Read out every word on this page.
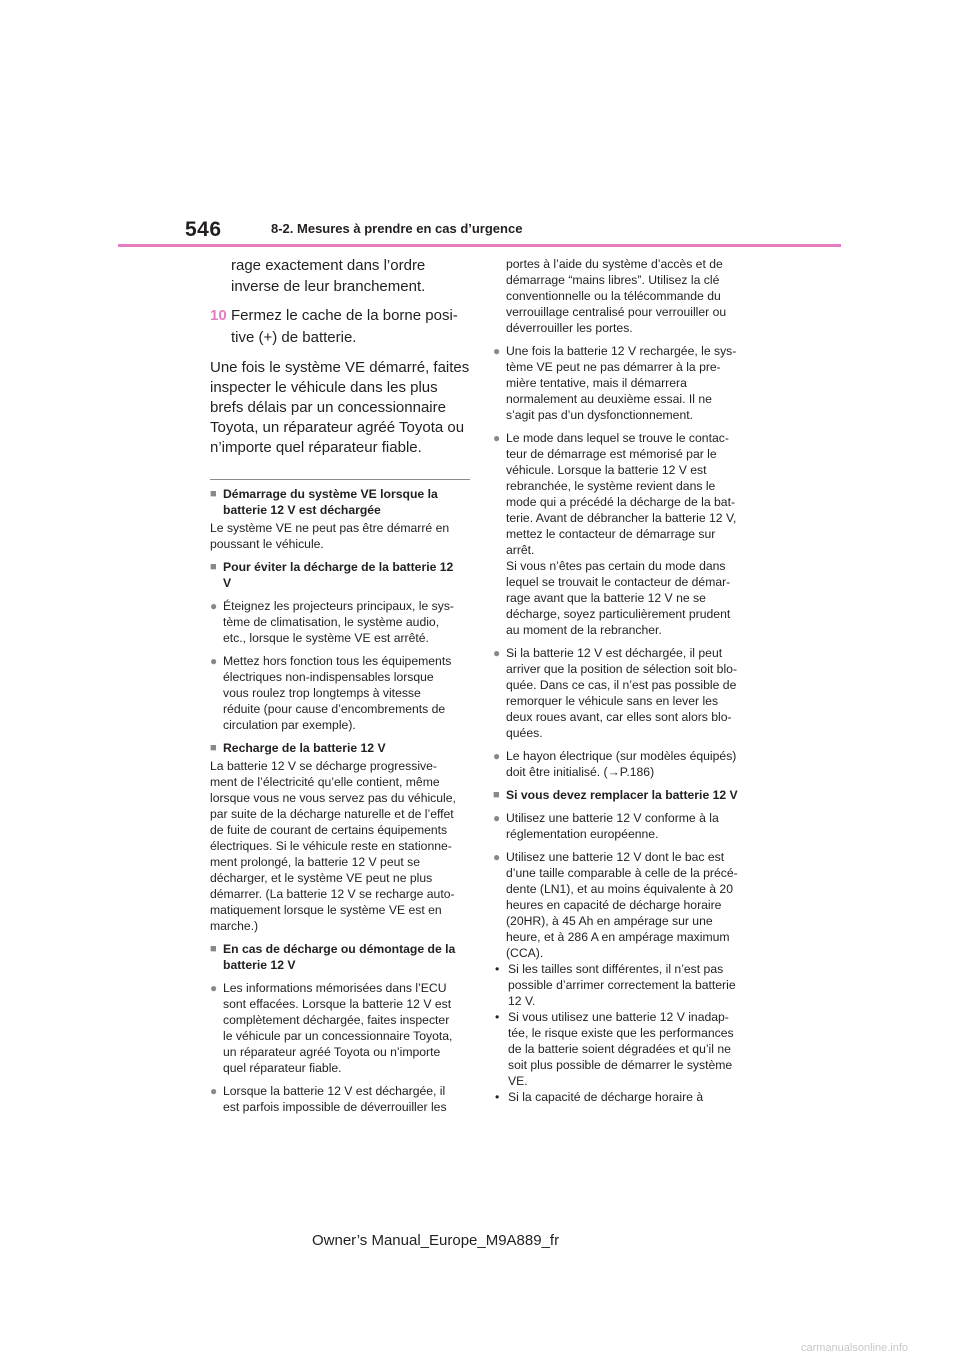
546	8-2. Mesures à prendre en cas d’urgence
rage exactement dans l’ordre
inverse de leur branchement.
10 Fermez le cache de la borne posi-
tive (+) de batterie.
Une fois le système VE démarré, faites
inspecter le véhicule dans les plus
brefs délais par un concessionnaire
Toyota, un réparateur agréé Toyota ou
n’importe quel réparateur fiable.
■ Démarrage du système VE lorsque la
batterie 12 V est déchargée
Le système VE ne peut pas être démarré en
poussant le véhicule.
■ Pour éviter la décharge de la batterie 12
V
● Éteignez les projecteurs principaux, le sys-
tème de climatisation, le système audio,
etc., lorsque le système VE est arrêté.
● Mettez hors fonction tous les équipements
électriques non-indispensables lorsque
vous roulez trop longtemps à vitesse
réduite (pour cause d’encombrements de
circulation par exemple).
■ Recharge de la batterie 12 V
La batterie 12 V se décharge progressive-
ment de l’électricité qu’elle contient, même
lorsque vous ne vous servez pas du véhicule,
par suite de la décharge naturelle et de l’effet
de fuite de courant de certains équipements
électriques. Si le véhicule reste en stationne-
ment prolongé, la batterie 12 V peut se
décharger, et le système VE peut ne plus
démarrer. (La batterie 12 V se recharge auto-
matiquement lorsque le système VE est en
marche.)
■ En cas de décharge ou démontage de la
batterie 12 V
● Les informations mémorisées dans l’ECU
sont effacées. Lorsque la batterie 12 V est
complètement déchargée, faites inspecter
le véhicule par un concessionnaire Toyota,
un réparateur agréé Toyota ou n’importe
quel réparateur fiable.
● Lorsque la batterie 12 V est déchargée, il
est parfois impossible de déverrouiller les
portes à l’aide du système d’accès et de
démarrage “mains libres”. Utilisez la clé
conventionnelle ou la télécommande du
verrouillage centralisé pour verrouiller ou
déverrouiller les portes.
● Une fois la batterie 12 V rechargée, le sys-
tème VE peut ne pas démarrer à la pre-
mière tentative, mais il démarrera
normalement au deuxième essai. Il ne
s’agit pas d’un dysfonctionnement.
● Le mode dans lequel se trouve le contac-
teur de démarrage est mémorisé par le
véhicule. Lorsque la batterie 12 V est
rebranchée, le système revient dans le
mode qui a précédé la décharge de la bat-
terie. Avant de débrancher la batterie 12 V,
mettez le contacteur de démarrage sur
arrêt.
Si vous n’êtes pas certain du mode dans
lequel se trouvait le contacteur de démar-
rage avant que la batterie 12 V ne se
décharge, soyez particulièrement prudent
au moment de la rebrancher.
● Si la batterie 12 V est déchargée, il peut
arriver que la position de sélection soit blo-
quée. Dans ce cas, il n’est pas possible de
remorquer le véhicule sans en lever les
deux roues avant, car elles sont alors blo-
quées.
● Le hayon électrique (sur modèles équipés)
doit être initialisé. (→P.186)
■ Si vous devez remplacer la batterie 12 V
● Utilisez une batterie 12 V conforme à la
réglementation européenne.
● Utilisez une batterie 12 V dont le bac est
d’une taille comparable à celle de la précé-
dente (LN1), et au moins équivalente à 20
heures en capacité de décharge horaire
(20HR), à 45 Ah en ampérage sur une
heure, et à 286 A en ampérage maximum
(CCA).
• Si les tailles sont différentes, il n’est pas
possible d’arrimer correctement la batterie
12 V.
• Si vous utilisez une batterie 12 V inadap-
tée, le risque existe que les performances
de la batterie soient dégradées et qu’il ne
soit plus possible de démarrer le système
VE.
• Si la capacité de décharge horaire à
Owner’s Manual_Europe_M9A889_fr
carmanualsonline.info
